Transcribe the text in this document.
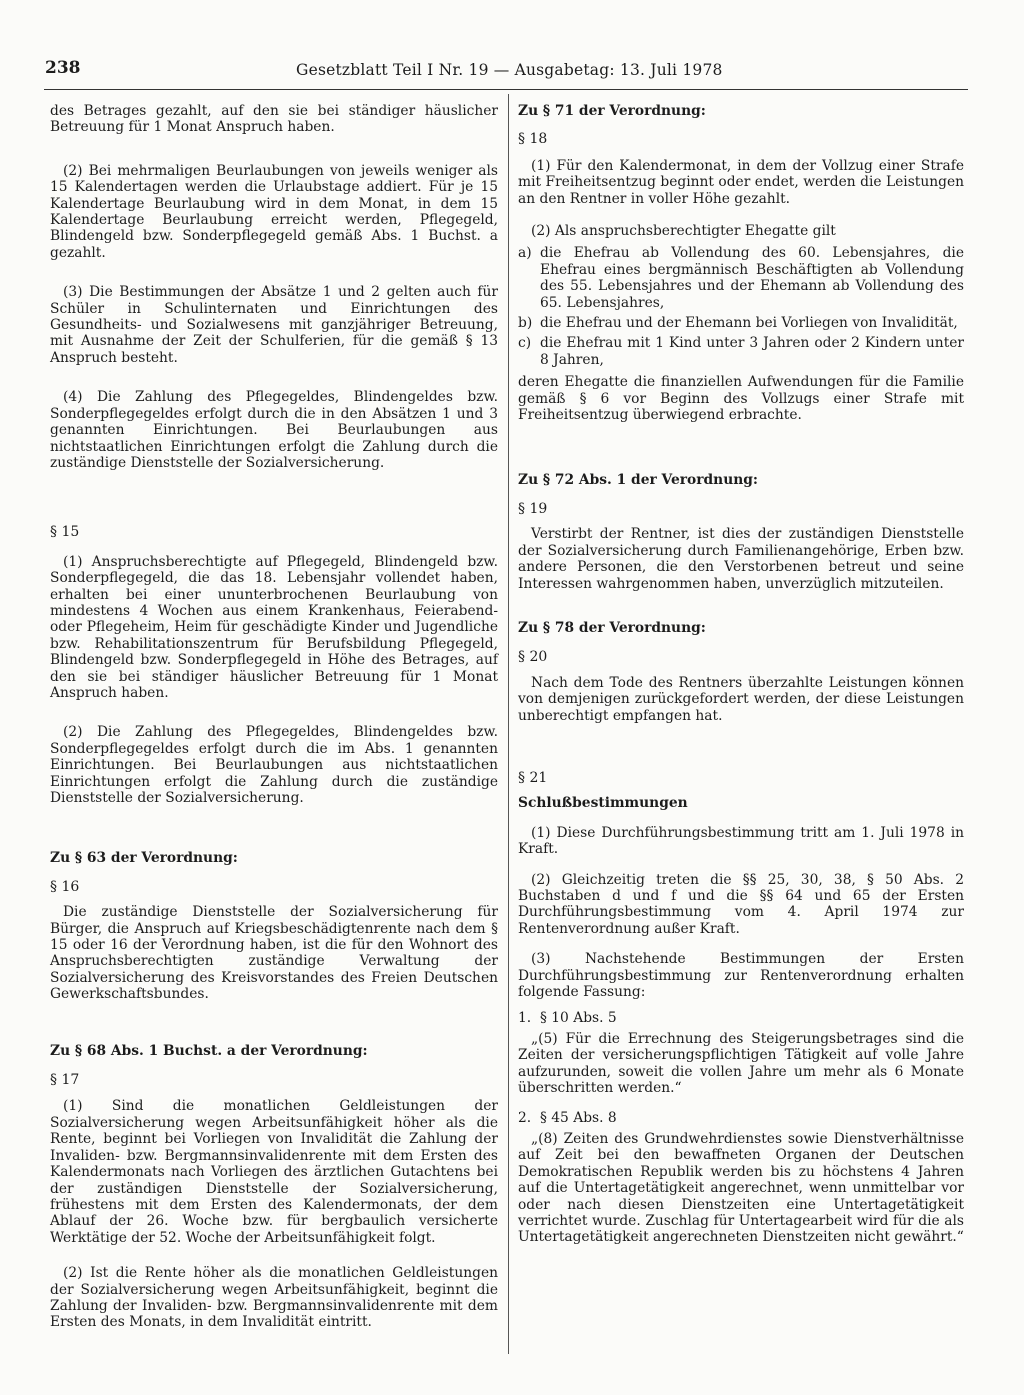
238	Gesetzblatt Teil I Nr. 19 — Ausgabetag: 13. Juli 1978

des Betrages gezahlt, auf den sie bei ständiger häuslicher Betreuung für 1 Monat Anspruch haben.

(2) Bei mehrmaligen Beurlaubungen von jeweils weniger als 15 Kalendertagen werden die Urlaubstage addiert. Für je 15 Kalendertage Beurlaubung wird in dem Monat, in dem 15 Kalendertage Beurlaubung erreicht werden, Pflegegeld, Blindengeld bzw. Sonderpflegegeld gemäß Abs. 1 Buchst. a gezahlt.

(3) Die Bestimmungen der Absätze 1 und 2 gelten auch für Schüler in Schulinternaten und Einrichtungen des Gesundheits- und Sozialwesens mit ganzjähriger Betreuung, mit Ausnahme der Zeit der Schulferien, für die gemäß § 13 Anspruch besteht.

(4) Die Zahlung des Pflegegeldes, Blindengeldes bzw. Sonderpflegegeldes erfolgt durch die in den Absätzen 1 und 3 genannten Einrichtungen. Bei Beurlaubungen aus nichtstaatlichen Einrichtungen erfolgt die Zahlung durch die zuständige Dienststelle der Sozialversicherung.

§ 15

(1) Anspruchsberechtigte auf Pflegegeld, Blindengeld bzw. Sonderpflegegeld, die das 18. Lebensjahr vollendet haben, erhalten bei einer ununterbrochenen Beurlaubung von mindestens 4 Wochen aus einem Krankenhaus, Feierabend- oder Pflegeheim, Heim für geschädigte Kinder und Jugendliche bzw. Rehabilitationszentrum für Berufsbildung Pflegegeld, Blindengeld bzw. Sonderpflegegeld in Höhe des Betrages, auf den sie bei ständiger häuslicher Betreuung für 1 Monat Anspruch haben.

(2) Die Zahlung des Pflegegeldes, Blindengeldes bzw. Sonderpflegegeldes erfolgt durch die im Abs. 1 genannten Einrichtungen. Bei Beurlaubungen aus nichtstaatlichen Einrichtungen erfolgt die Zahlung durch die zuständige Dienststelle der Sozialversicherung.

Zu § 63 der Verordnung:

§ 16

Die zuständige Dienststelle der Sozialversicherung für Bürger, die Anspruch auf Kriegsbeschädigtenrente nach dem § 15 oder 16 der Verordnung haben, ist die für den Wohnort des Anspruchsberechtigten zuständige Verwaltung der Sozialversicherung des Kreisvorstandes des Freien Deutschen Gewerkschaftsbundes.

Zu § 68 Abs. 1 Buchst. a der Verordnung:

§ 17

(1) Sind die monatlichen Geldleistungen der Sozialversicherung wegen Arbeitsunfähigkeit höher als die Rente, beginnt bei Vorliegen von Invalidität die Zahlung der Invaliden- bzw. Bergmannsinvalidenrente mit dem Ersten des Kalendermonats nach Vorliegen des ärztlichen Gutachtens bei der zuständigen Dienststelle der Sozialversicherung, frühestens mit dem Ersten des Kalendermonats, der dem Ablauf der 26. Woche bzw. für bergbaulich versicherte Werktätige der 52. Woche der Arbeitsunfähigkeit folgt.

(2) Ist die Rente höher als die monatlichen Geldleistungen der Sozialversicherung wegen Arbeitsunfähigkeit, beginnt die Zahlung der Invaliden- bzw. Bergmannsinvalidenrente mit dem Ersten des Monats, in dem Invalidität eintritt.

Zu § 71 der Verordnung:

§ 18

(1) Für den Kalendermonat, in dem der Vollzug einer Strafe mit Freiheitsentzug beginnt oder endet, werden die Leistungen an den Rentner in voller Höhe gezahlt.

(2) Als anspruchsberechtigter Ehegatte gilt

a) die Ehefrau ab Vollendung des 60. Lebensjahres, die Ehefrau eines bergmännisch Beschäftigten ab Vollendung des 55. Lebensjahres und der Ehemann ab Vollendung des 65. Lebensjahres,
b) die Ehefrau und der Ehemann bei Vorliegen von Invalidität,
c) die Ehefrau mit 1 Kind unter 3 Jahren oder 2 Kindern unter 8 Jahren,

deren Ehegatte die finanziellen Aufwendungen für die Familie gemäß § 6 vor Beginn des Vollzugs einer Strafe mit Freiheitsentzug überwiegend erbrachte.

Zu § 72 Abs. 1 der Verordnung:

§ 19

Verstirbt der Rentner, ist dies der zuständigen Dienststelle der Sozialversicherung durch Familienangehörige, Erben bzw. andere Personen, die den Verstorbenen betreut und seine Interessen wahrgenommen haben, unverzüglich mitzuteilen.

Zu § 78 der Verordnung:

§ 20

Nach dem Tode des Rentners überzahlte Leistungen können von demjenigen zurückgefordert werden, der diese Leistungen unberechtigt empfangen hat.

§ 21

Schlußbestimmungen

(1) Diese Durchführungsbestimmung tritt am 1. Juli 1978 in Kraft.

(2) Gleichzeitig treten die §§ 25, 30, 38, § 50 Abs. 2 Buchstaben d und f und die §§ 64 und 65 der Ersten Durchführungsbestimmung vom 4. April 1974 zur Rentenverordnung außer Kraft.

(3) Nachstehende Bestimmungen der Ersten Durchführungsbestimmung zur Rentenverordnung erhalten folgende Fassung:

1. § 10 Abs. 5

„(5) Für die Errechnung des Steigerungsbetrages sind die Zeiten der versicherungspflichtigen Tätigkeit auf volle Jahre aufzurunden, soweit die vollen Jahre um mehr als 6 Monate überschritten werden.“

2. § 45 Abs. 8

„(8) Zeiten des Grundwehrdienstes sowie Dienstverhältnisse auf Zeit bei den bewaffneten Organen der Deutschen Demokratischen Republik werden bis zu höchstens 4 Jahren auf die Untertagetätigkeit angerechnet, wenn unmittelbar vor oder nach diesen Dienstzeiten eine Untertagetätigkeit verrichtet wurde. Zuschlag für Untertagearbeit wird für die als Untertagetätigkeit angerechneten Dienstzeiten nicht gewährt.“
